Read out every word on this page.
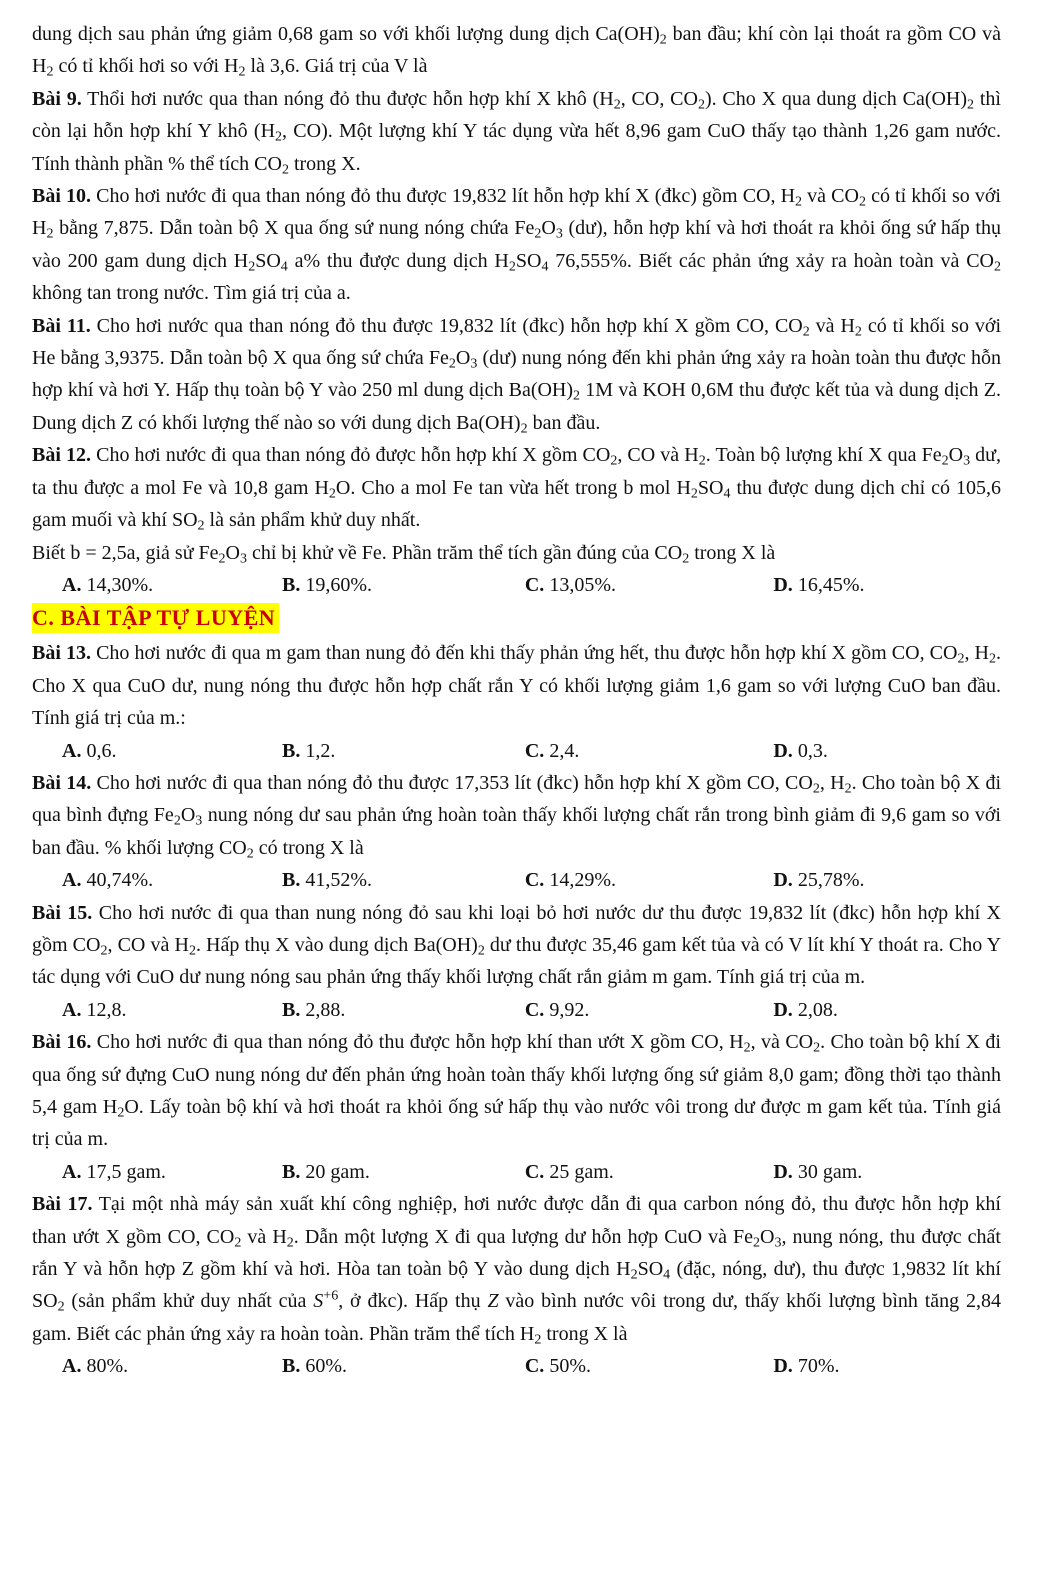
dung dịch sau phản ứng giảm 0,68 gam so với khối lượng dung dịch $Ca(OH)_2$ ban đầu; khí còn lại thoát ra gồm CO và $H_2$ có tỉ khối hơi so với $H_2$ là 3,6. Giá trị của V là

Bài 9. Thổi hơi nước qua than nóng đỏ thu được hỗn hợp khí X khô ($H_2$, CO, $CO_2$). Cho X qua dung dịch $Ca(OH)_2$ thì còn lại hỗn hợp khí Y khô ($H_2$, CO). Một lượng khí Y tác dụng vừa hết 8,96 gam CuO thấy tạo thành 1,26 gam nước. Tính thành phần % thể tích $CO_2$ trong X.

Bài 10. Cho hơi nước đi qua than nóng đỏ thu được 19,832 lít hỗn hợp khí X (đkc) gồm CO, $H_2$ và $CO_2$ có tỉ khối so với $H_2$ bằng 7,875. Dẫn toàn bộ X qua ống sứ nung nóng chứa $Fe_2O_3$ (dư), hỗn hợp khí và hơi thoát ra khỏi ống sứ hấp thụ vào 200 gam dung dịch $H_2SO_4$ a% thu được dung dịch $H_2SO_4$ 76,555%. Biết các phản ứng xảy ra hoàn toàn và $CO_2$ không tan trong nước. Tìm giá trị của a.

Bài 11. Cho hơi nước qua than nóng đỏ thu được 19,832 lít (đkc) hỗn hợp khí X gồm CO, $CO_2$ và $H_2$ có tỉ khối so với He bằng 3,9375. Dẫn toàn bộ X qua ống sứ chứa $Fe_2O_3$ (dư) nung nóng đến khi phản ứng xảy ra hoàn toàn thu được hỗn hợp khí và hơi Y. Hấp thụ toàn bộ Y vào 250 ml dung dịch $Ba(OH)_2$ 1M và KOH 0,6M thu được kết tủa và dung dịch Z. Dung dịch Z có khối lượng thế nào so với dung dịch $Ba(OH)_2$ ban đầu.

Bài 12. Cho hơi nước đi qua than nóng đỏ được hỗn hợp khí X gồm $CO_2$, CO và $H_2$. Toàn bộ lượng khí X qua $Fe_2O_3$ dư, ta thu được a mol Fe và 10,8 gam $H_2O$. Cho a mol Fe tan vừa hết trong b mol $H_2SO_4$ thu được dung dịch chỉ có 105,6 gam muối và khí $SO_2$ là sản phẩm khử duy nhất.

Biết b = 2,5a, giả sử $Fe_2O_3$ chỉ bị khử về Fe. Phần trăm thể tích gần đúng của $CO_2$ trong X là

A. 14,30%.	B. 19,60%.	C. 13,05%.	D. 16,45%.
C. BÀI TẬP TỰ LUYỆN

Bài 13. Cho hơi nước đi qua m gam than nung đỏ đến khi thấy phản ứng hết, thu được hỗn hợp khí X gồm CO, $CO_2$, $H_2$. Cho X qua CuO dư, nung nóng thu được hỗn hợp chất rắn Y có khối lượng giảm 1,6 gam so với lượng CuO ban đầu. Tính giá trị của m.:

A. 0,6.	B. 1,2.	C. 2,4.	D. 0,3.

Bài 14. Cho hơi nước đi qua than nóng đỏ thu được 17,353 lít (đkc) hỗn hợp khí X gồm CO, $CO_2$, $H_2$. Cho toàn bộ X đi qua bình đựng $Fe_2O_3$ nung nóng dư sau phản ứng hoàn toàn thấy khối lượng chất rắn trong bình giảm đi 9,6 gam so với ban đầu. % khối lượng $CO_2$ có trong X là

A. 40,74%.	B. 41,52%.	C. 14,29%.	D. 25,78%.

Bài 15. Cho hơi nước đi qua than nung nóng đỏ sau khi loại bỏ hơi nước dư thu được 19,832 lít (đkc) hỗn hợp khí X gồm $CO_2$, CO và $H_2$. Hấp thụ X vào dung dịch $Ba(OH)_2$ dư thu được 35,46 gam kết tủa và có V lít khí Y thoát ra. Cho Y tác dụng với CuO dư nung nóng sau phản ứng thấy khối lượng chất rắn giảm m gam. Tính giá trị của m.

A. 12,8.	B. 2,88.	C. 9,92.	D. 2,08.

Bài 16. Cho hơi nước đi qua than nóng đỏ thu được hỗn hợp khí than ướt X gồm CO, $H_2$, và $CO_2$. Cho toàn bộ khí X đi qua ống sứ đựng CuO nung nóng dư đến phản ứng hoàn toàn thấy khối lượng ống sứ giảm 8,0 gam; đồng thời tạo thành 5,4 gam $H_2O$. Lấy toàn bộ khí và hơi thoát ra khỏi ống sứ hấp thụ vào nước vôi trong dư được m gam kết tủa. Tính giá trị của m.

A. 17,5 gam.	B. 20 gam.	C. 25 gam.	D. 30 gam.

Bài 17. Tại một nhà máy sản xuất khí công nghiệp, hơi nước được dẫn đi qua carbon nóng đỏ, thu được hỗn hợp khí than ướt X gồm CO, $CO_2$ và $H_2$. Dẫn một lượng X đi qua lượng dư hỗn hợp CuO và $Fe_2O_3$, nung nóng, thu được chất rắn Y và hỗn hợp Z gồm khí và hơi. Hòa tan toàn bộ Y vào dung dịch $H_2SO_4$ (đặc, nóng, dư), thu được 1,9832 lít khí $SO_2$ (sản phẩm khử duy nhất của $S^{+6}$, ở đkc). Hấp thụ Z vào bình nước vôi trong dư, thấy khối lượng bình tăng 2,84 gam. Biết các phản ứng xảy ra hoàn toàn. Phần trăm thể tích $H_2$ trong X là

A. 80%.	B. 60%.	C. 50%.	D. 70%.
